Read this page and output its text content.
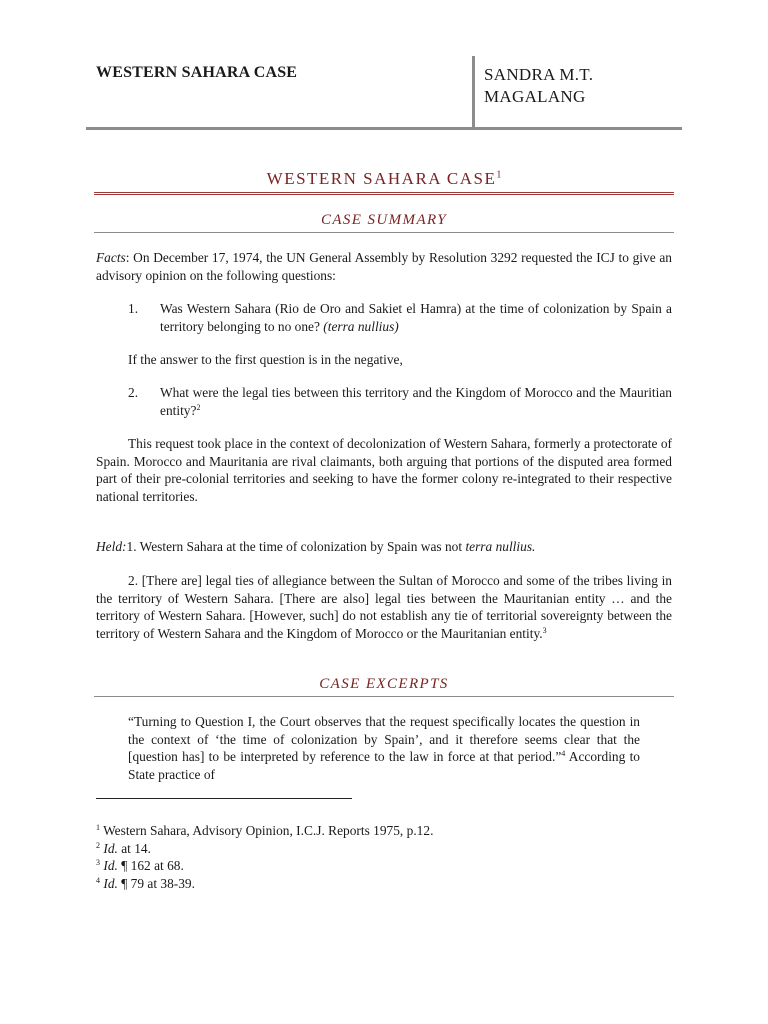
WESTERN SAHARA CASE	SANDRA M.T.
MAGALANG
WESTERN SAHARA CASE$^1$
CASE SUMMARY
Facts: On December 17, 1974, the UN General Assembly by Resolution 3292 requested the ICJ to give an advisory opinion on the following questions:
1. Was Western Sahara (Rio de Oro and Sakiet el Hamra) at the time of colonization by Spain a territory belonging to no one? (terra nullius)
If the answer to the first question is in the negative,
2. What were the legal ties between this territory and the Kingdom of Morocco and the Mauritian entity?$^2$
This request took place in the context of decolonization of Western Sahara, formerly a protectorate of Spain. Morocco and Mauritania are rival claimants, both arguing that portions of the disputed area formed part of their pre-colonial territories and seeking to have the former colony re-integrated to their respective national territories.
Held:1. Western Sahara at the time of colonization by Spain was not terra nullius.
2. [There are] legal ties of allegiance between the Sultan of Morocco and some of the tribes living in the territory of Western Sahara. [There are also] legal ties between the Mauritanian entity … and the territory of Western Sahara. [However, such] do not establish any tie of territorial sovereignty between the territory of Western Sahara and the Kingdom of Morocco or the Mauritanian entity.$^3$
CASE EXCERPTS
“Turning to Question I, the Court observes that the request specifically locates the question in the context of ‘the time of colonization by Spain’, and it therefore seems clear that the [question has] to be interpreted by reference to the law in force at that period.”$^4$ According to State practice of
$^1$ Western Sahara, Advisory Opinion, I.C.J. Reports 1975, p.12.
$^2$ Id. at 14.
$^3$ Id. ¶ 162 at 68.
$^4$ Id. ¶ 79 at 38-39.
